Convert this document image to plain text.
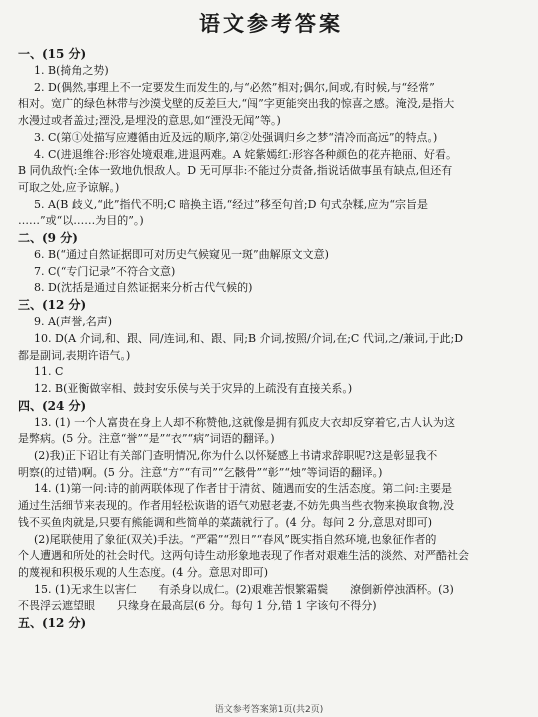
语文参考答案

一、(15 分)

1. B(掎角之势)

2. D(偶然,事理上不一定要发生而发生的,与“必然”相对;偶尔,间或,有时候,与“经常”

相对。宽广的绿色林带与沙漠戈壁的反差巨大,“闯”字更能突出我的惊喜之感。淹没,是指大

水漫过或者盖过;湮没,是埋没的意思,如“湮没无闻”等。)

3. C(第①处描写应遵循由近及远的顺序,第②处强调归乡之梦“清冷而高远”的特点。)

4. C(进退维谷:形容处境艰难,进退两难。A 姹紫嫣红:形容各种颜色的花卉艳丽、好看。

B 同仇敌忾:全体一致地仇恨敌人。D 无可厚非:不能过分责备,指说话做事虽有缺点,但还有

可取之处,应予谅解。)

5. A(B 歧义,“此”指代不明;C 暗换主语,“经过”移至句首;D 句式杂糅,应为“宗旨是

……”或“以……为目的”。)

二、(9 分)

6. B(“通过自然证据即可对历史气候窥见一斑”曲解原文文意)

7. C(“专门记录”不符合文意)

8. D(沈括是通过自然证据来分析古代气候的)

三、(12 分)

9. A(声誉,名声)

10. D(A 介词,和、跟、同/连词,和、跟、同;B 介词,按照/介词,在;C 代词,之/兼词,于此;D

都是副词,表期许语气。)

11. C

12. B(亚衡做宰相、鼓封安乐侯与关于灾异的上疏没有直接关系。)

四、(24 分)

13. (1) 一个人富贵在身上人却不称赞他,这就像是拥有狐皮大衣却反穿着它,古人认为这

是弊病。(5 分。注意“誉”“是”“衣”“病”词语的翻译。)

(2)我)正下诏让有关部门查明情况,你为什么以怀疑感上书请求辞职呢?这是彰显我不

明察(的过错)啊。(5 分。注意“方”“有司”“乞骸骨”“彰”“烛”等词语的翻译。)

14. (1)第一问:诗的前两联体现了作者甘于清贫、随遇而安的生活态度。第二问:主要是

通过生活细节来表现的。作者用轻松诙谐的语气劝慰老妻,不妨先典当些衣物来换取食物,没

钱不买鱼肉就是,只要有熊能调和些简单的菜蔬就行了。(4 分。每问 2 分,意思对即可)

(2)尾联使用了象征(双关)手法。“严霜”“烈日”“春风”既实指自然环境,也象征作者的

个人遭遇和所处的社会时代。这两句诗生动形象地表现了作者对艰难生活的淡然、对严酷社会

的蔑视和积极乐观的人生态度。(4 分。意思对即可)

15. (1)无求生以害仁　　有杀身以成仁。(2)艰难苦恨繁霜鬓　　潦倒新停浊酒杯。(3)

不畏浮云遮望眼　　只缘身在最高层(6 分。每句 1 分,错 1 字该句不得分)

五、(12 分)

语文参考答案第1页(共2页)
